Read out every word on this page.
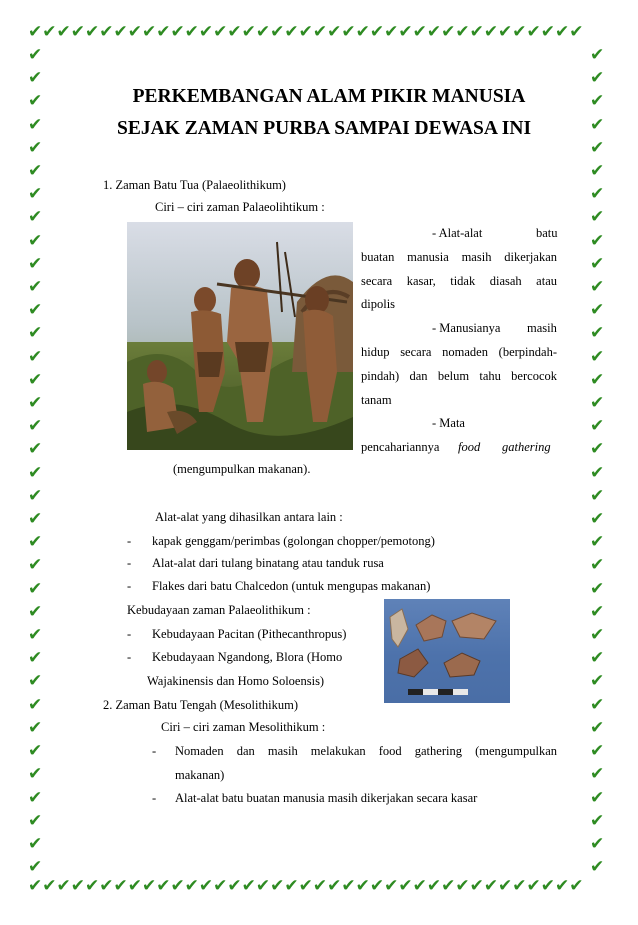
✔✔✔✔✔✔✔✔✔✔✔✔✔✔✔✔✔✔✔✔✔✔✔✔✔✔✔✔✔✔✔✔✔✔✔✔✔✔✔
✔✔✔✔✔✔✔✔✔✔✔✔✔✔✔✔✔✔✔✔✔✔✔✔✔✔✔✔✔✔✔✔✔✔✔✔✔✔✔
✔ ✔ ✔ ✔ ✔ ✔ ✔ ✔ ✔ ✔ ✔ ✔ ✔ ✔ ✔ ✔ ✔ ✔ ✔ ✔ ✔ ✔ ✔ ✔ ✔ ✔ ✔ ✔ ✔ ✔ ✔ ✔ ✔ ✔ ✔ ✔
✔ ✔ ✔ ✔ ✔ ✔ ✔ ✔ ✔ ✔ ✔ ✔ ✔ ✔ ✔ ✔ ✔ ✔ ✔ ✔ ✔ ✔ ✔ ✔ ✔ ✔ ✔ ✔ ✔ ✔ ✔ ✔ ✔ ✔ ✔ ✔
PERKEMBANGAN ALAM PIKIR MANUSIA
SEJAK ZAMAN PURBA SAMPAI DEWASA INI
1. Zaman Batu Tua (Palaeolithikum)
Ciri – ciri zaman Palaeolihtikum :
- Alat-alat	batu
buatan manusia masih dikerjakan
secara kasar, tidak diasah atau
dipolis
- Manusianya masih
hidup secara nomaden (berpindah-
pindah) dan belum tahu bercocok
tanam
- Mata
pencahariannya food gathering
(mengumpulkan makanan).
Alat-alat yang dihasilkan antara lain :
- kapak genggam/perimbas (golongan chopper/pemotong)
- Alat-alat dari tulang binatang atau tanduk rusa
- Flakes dari batu Chalcedon (untuk mengupas makanan)
Kebudayaan zaman Palaeolithikum :
- Kebudayaan Pacitan (Pithecanthropus)
- Kebudayaan Ngandong, Blora (Homo
Wajakinensis dan Homo Soloensis)
2. Zaman Batu Tengah (Mesolithikum)
Ciri – ciri zaman Mesolithikum :
- Nomaden dan masih melakukan food gathering (mengumpulkan
makanan)
- Alat-alat batu buatan manusia masih dikerjakan secara kasar
